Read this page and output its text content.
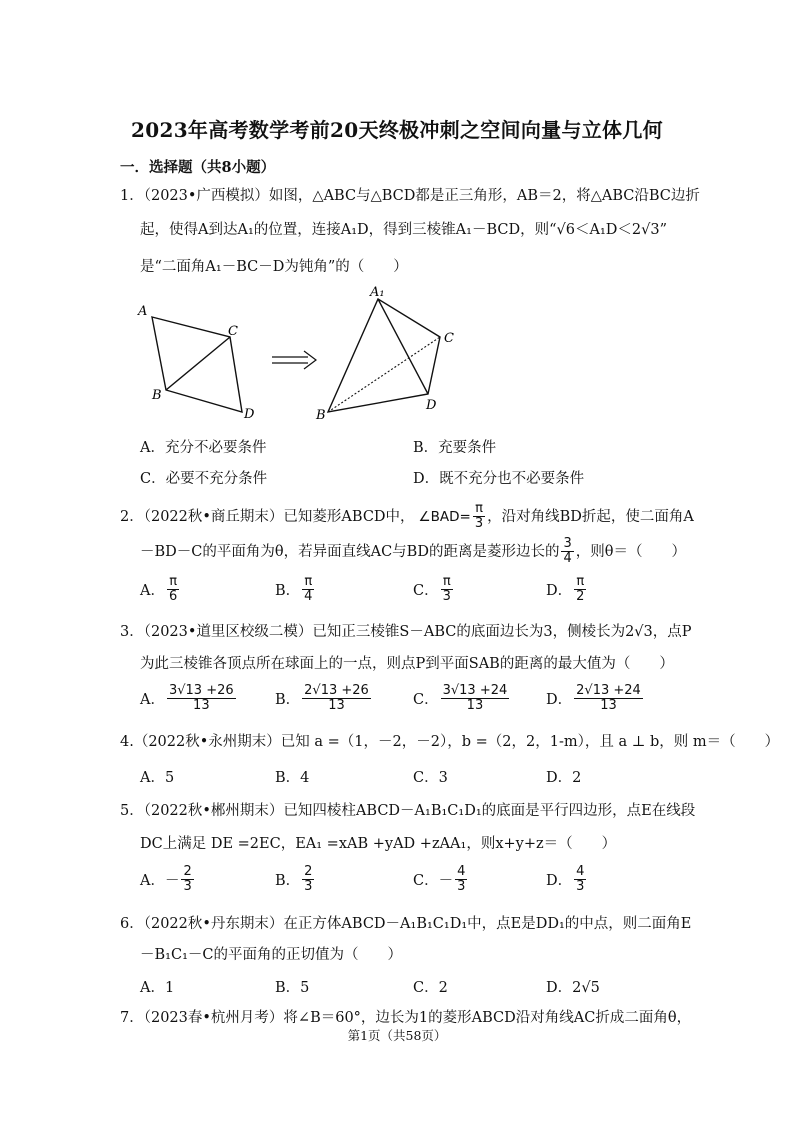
2023年高考数学考前20天终极冲刺之空间向量与立体几何
一．选择题（共8小题）
1．（2023•广西模拟）如图，△ABC与△BCD都是正三角形，AB＝2，将△ABC沿BC边折
起，使得A到达A₁的位置，连接A₁D，得到三棱锥A₁－BCD，则“√6＜A₁D＜2√3”
是“二面角A₁－BC－D为钝角”的（　　）
A
C
B
D
A₁
C
B
D
A．充分不必要条件	B．充要条件
C．必要不充分条件	D．既不充分也不必要条件
2．（2022秋•商丘期末）已知菱形ABCD中， ∠BAD= $\frac{\pi}{3}$ ，沿对角线BD折起，使二面角A
－BD－C的平面角为θ，若异面直线AC与BD的距离是菱形边长的 $\frac{3}{4}$ ，则θ＝（　　）
A． $\frac{\pi}{6}$	B． $\frac{\pi}{4}$	C． $\frac{\pi}{3}$	D． $\frac{\pi}{2}$
3．（2023•道里区校级二模）已知正三棱锥S－ABC的底面边长为3，侧棱长为2√3，点P
为此三棱锥各顶点所在球面上的一点，则点P到平面SAB的距离的最大值为（　　）
A． $\frac{3√13 +26}{13}$	B． $\frac{2√13 +26}{13}$	C． $\frac{3√13 +24}{13}$	D． $\frac{2√13 +24}{13}$
4.（2022秋•永州期末）已知 a =（1，－2，－2），b =（2，2，1-m），且 a ⊥ b，则 m＝（　　）
A．5	B．4	C．3	D．2
5．（2022秋•郴州期末）已知四棱柱ABCD－A₁B₁C₁D₁的底面是平行四边形，点E在线段
DC上满足 DE =2EC，EA₁ =xAB +yAD +zAA₁，则x+y+z＝（　　）
A． － $\frac{2}{3}$	B． $\frac{2}{3}$	C． － $\frac{4}{3}$	D． $\frac{4}{3}$
6．（2022秋•丹东期末）在正方体ABCD－A₁B₁C₁D₁中，点E是DD₁的中点，则二面角E
－B₁C₁－C的平面角的正切值为（　　）
A．1	B．5	C．2	D．2√5
7．（2023春•杭州月考）将∠B＝60°，边长为1的菱形ABCD沿对角线AC折成二面角θ，
第1页（共58页）
